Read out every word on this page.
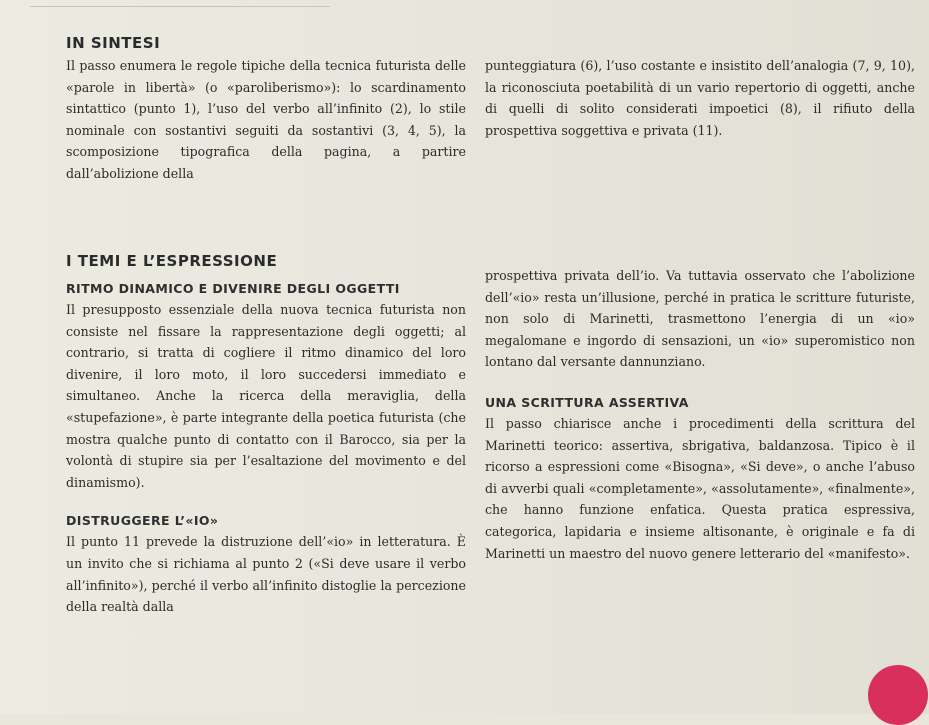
IN SINTESI

Il passo enumera le regole tipiche della tecnica futurista delle «parole in libertà» (o «paroliberismo»): lo scardinamento sintattico (punto 1), l’uso del verbo all’infinito (2), lo stile nominale con sostantivi seguiti da sostantivi (3, 4, 5), la scomposizione tipografica della pagina, a partire dall’abolizione della

punteggiatura (6), l’uso costante e insistito dell’analogia (7, 9, 10), la riconosciuta poetabilità di un vario repertorio di oggetti, anche di quelli di solito considerati impoetici (8), il rifiuto della prospettiva soggettiva e privata (11).

I TEMI E L’ESPRESSIONE
RITMO DINAMICO E DIVENIRE DEGLI OGGETTI

Il presupposto essenziale della nuova tecnica futurista non consiste nel fissare la rappresentazione degli oggetti; al contrario, si tratta di cogliere il ritmo dinamico del loro divenire, il loro moto, il loro succedersi immediato e simultaneo. Anche la ricerca della meraviglia, della «stupefazione», è parte integrante della poetica futurista (che mostra qualche punto di contatto con il Barocco, sia per la volontà di stupire sia per l’esaltazione del movimento e del dinamismo).

DISTRUGGERE L’«IO»

Il punto 11 prevede la distruzione dell’«io» in letteratura. È un invito che si richiama al punto 2 («Si deve usare il verbo all’infinito»), perché il verbo all’infinito distoglie la percezione della realtà dalla

prospettiva privata dell’io. Va tuttavia osservato che l’abolizione dell’«io» resta un’illusione, perché in pratica le scritture futuriste, non solo di Marinetti, trasmettono l’energia di un «io» megalomane e ingordo di sensazioni, un «io» superomistico non lontano dal versante dannunziano.

UNA SCRITTURA ASSERTIVA

Il passo chiarisce anche i procedimenti della scrittura del Marinetti teorico: assertiva, sbrigativa, baldanzosa. Tipico è il ricorso a espressioni come «Bisogna», «Si deve», o anche l’abuso di avverbi quali «completamente», «assolutamente», «finalmente», che hanno funzione enfatica. Questa pratica espressiva, categorica, lapidaria e insieme altisonante, è originale e fa di Marinetti un maestro del nuovo genere letterario del «manifesto».
